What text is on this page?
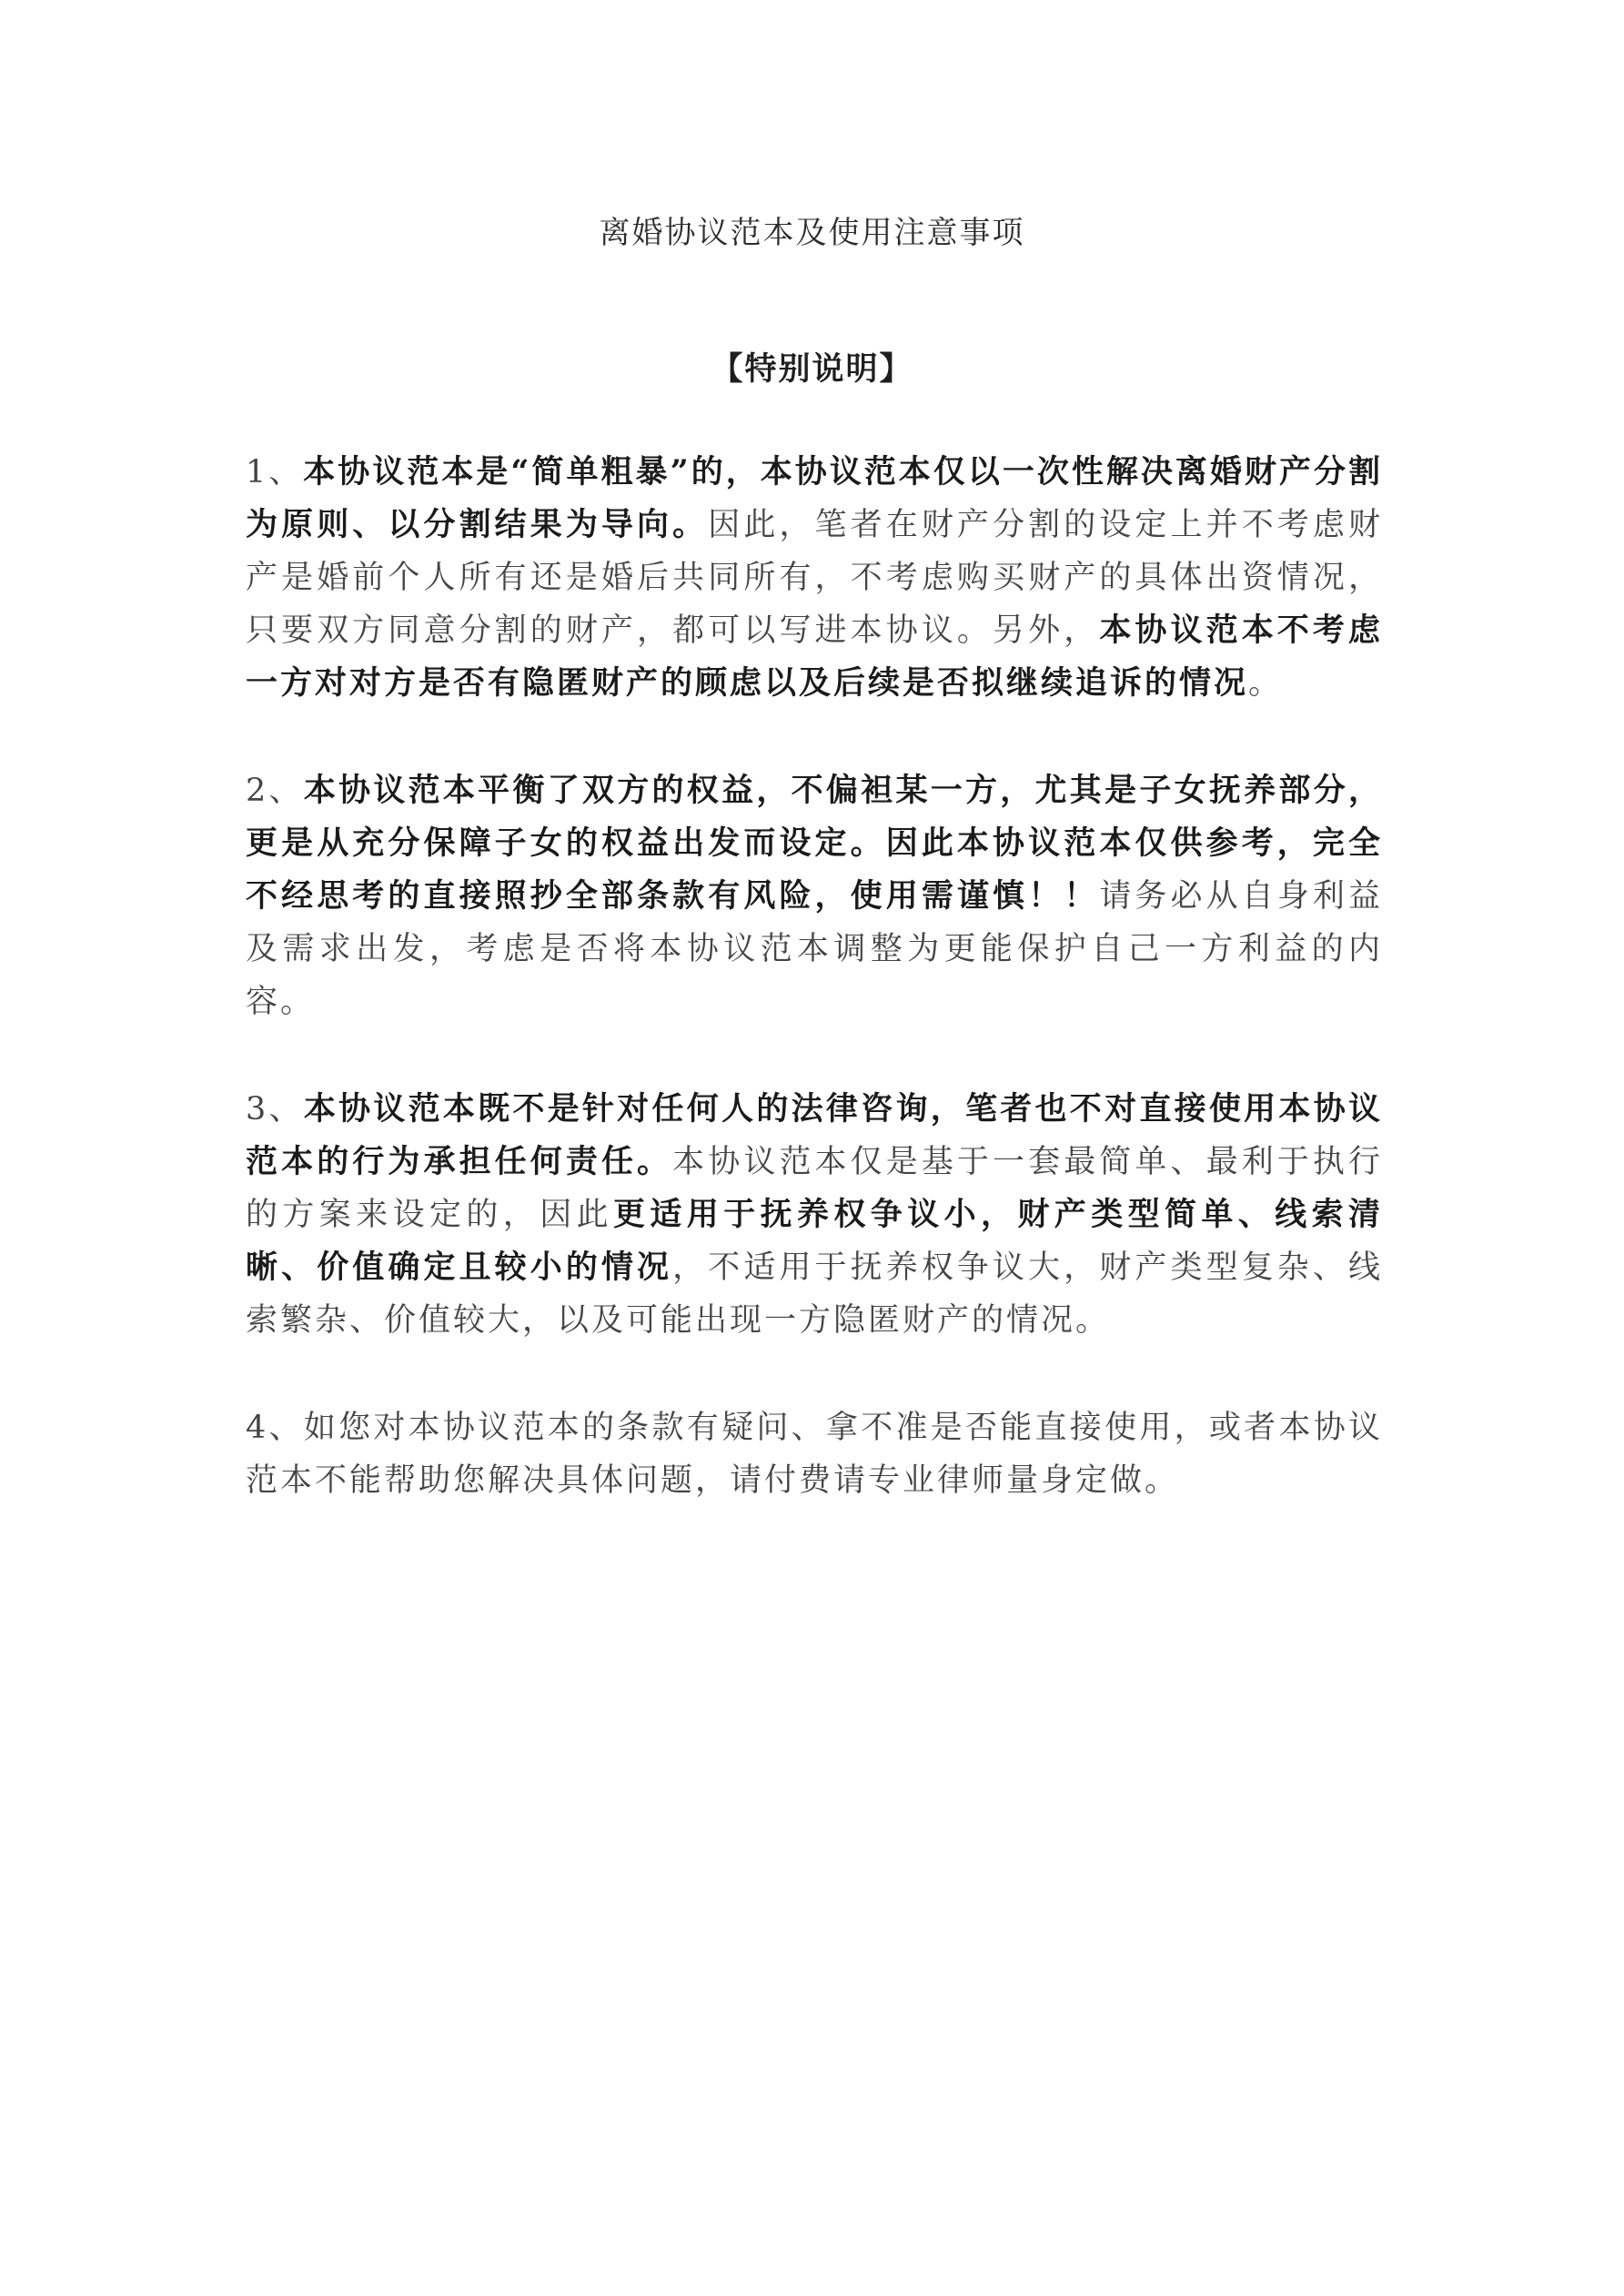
离婚协议范本及使用注意事项
【特别说明】

1、本协议范本是“简单粗暴”的，本协议范本仅以一次性解决离婚财产分割为原则、以分割结果为导向。因此，笔者在财产分割的设定上并不考虑财产是婚前个人所有还是婚后共同所有，不考虑购买财产的具体出资情况，只要双方同意分割的财产，都可以写进本协议。另外，本协议范本不考虑一方对对方是否有隐匿财产的顾虑以及后续是否拟继续追诉的情况。

2、本协议范本平衡了双方的权益，不偏袒某一方，尤其是子女抚养部分，更是从充分保障子女的权益出发而设定。因此本协议范本仅供参考，完全不经思考的直接照抄全部条款有风险，使用需谨慎！！请务必从自身利益及需求出发，考虑是否将本协议范本调整为更能保护自己一方利益的内容。

3、本协议范本既不是针对任何人的法律咨询，笔者也不对直接使用本协议范本的行为承担任何责任。本协议范本仅是基于一套最简单、最利于执行的方案来设定的，因此更适用于抚养权争议小，财产类型简单、线索清晰、价值确定且较小的情况，不适用于抚养权争议大，财产类型复杂、线索繁杂、价值较大，以及可能出现一方隐匿财产的情况。

4、如您对本协议范本的条款有疑问、拿不准是否能直接使用，或者本协议范本不能帮助您解决具体问题，请付费请专业律师量身定做。
